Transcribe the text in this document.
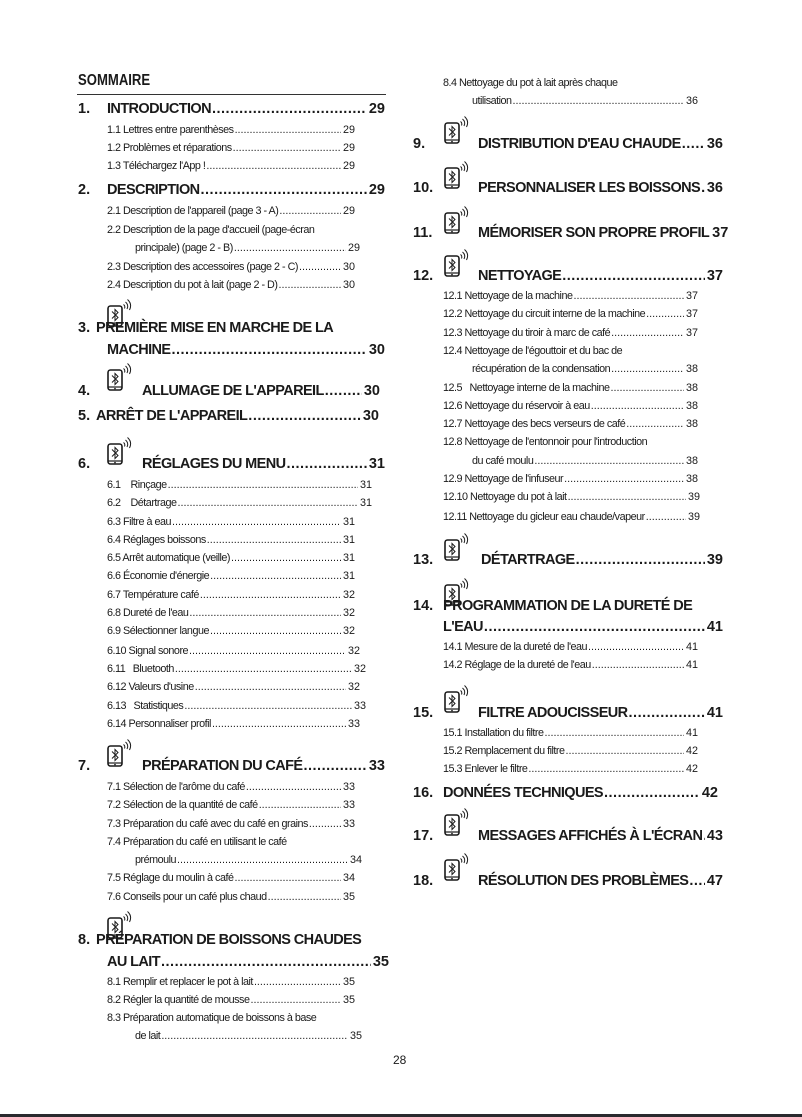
SOMMAIRE
1. INTRODUCTION .....	29
1.1 Lettres entre parenthèses .....	29
1.2 Problèmes et réparations .....	29
1.3 Téléchargez l'App ! .....	29
2. DESCRIPTION .....	29
2.1 Description de l'appareil (page 3 - A) .....	29
2.2 Description de la page d'accueil (page-écran
principale) (page 2 - B) .....	29
2.3 Description des accessoires (page 2 - C) .....	30
2.4 Description du pot à lait (page 2 - D) .....	30
3. PREMIÈRE MISE EN MARCHE DE LA
MACHINE .....	30
4.	ALLUMAGE DE L'APPAREIL .....	30
5. ARRÊT DE L'APPAREIL .....	30
6.	RÉGLAGES DU MENU .....	31
6.1    Rinçage .....	31
6.2    Détartrage .....	31
6.3 Filtre à eau .....	31
6.4 Réglages boissons .....	31
6.5 Arrêt automatique (veille) .....	31
6.6 Économie d'énergie .....	31
6.7 Température café .....	32
6.8 Dureté de l'eau .....	32
6.9 Sélectionner langue .....	32
6.10 Signal sonore .....	32
6.11   Bluetooth .....	32
6.12 Valeurs d'usine .....	32
6.13   Statistiques .....	33
6.14 Personnaliser profil .....	33
7.	PRÉPARATION DU CAFÉ .....	33
7.1 Sélection de l'arôme du café .....	33
7.2 Sélection de la quantité de café .....	33
7.3 Préparation du café avec du café en grains .....	33
7.4 Préparation du café en utilisant le café
prémoulu .....	34
7.5 Réglage du moulin à café .....	34
7.6 Conseils pour un café plus chaud .....	35
8. PRÉPARATION DE BOISSONS CHAUDES
AU LAIT .....	35
8.1 Remplir et replacer le pot à lait .....	35
8.2 Régler la quantité de mousse .....	35
8.3 Préparation automatique de boissons à base
de lait .....	35
8.4 Nettoyage du pot à lait après chaque
utilisation .....	36
9.	DISTRIBUTION D'EAU CHAUDE ..... 36
10.	PERSONNALISER LES BOISSONS ..... 36
11.	MÉMORISER SON PROPRE PROFIL 37
12.	NETTOYAGE .....	37
12.1 Nettoyage de la machine .....	37
12.2 Nettoyage du circuit interne de la machine .....	37
12.3 Nettoyage du tiroir à marc de café .....	37
12.4 Nettoyage de l'égouttoir et du bac de
récupération de la condensation .....	38
12.5   Nettoyage interne de la machine .....	38
12.6 Nettoyage du réservoir à eau .....	38
12.7 Nettoyage des becs verseurs de café .....	38
12.8 Nettoyage de l'entonnoir pour l'introduction
du café moulu .....	38
12.9 Nettoyage de l'infuseur .....	38
12.10 Nettoyage du pot à lait .....	39
12.11 Nettoyage du gicleur eau chaude/vapeur .....	39
13.	DÉTARTRAGE .....	39
14. PROGRAMMATION DE LA DURETÉ DE
L'EAU .....	41
14.1 Mesure de la dureté de l'eau .....	41
14.2 Réglage de la dureté de l'eau .....	41
15.	FILTRE ADOUCISSEUR .....	41
15.1 Installation du filtre .....	41
15.2 Remplacement du filtre .....	42
15.3 Enlever le filtre .....	42
16. DONNÉES TECHNIQUES .....	42
17.	MESSAGES AFFICHÉS À L'ÉCRAN ..... 43
18.	RÉSOLUTION DES PROBLÈMES ..... 47
28
